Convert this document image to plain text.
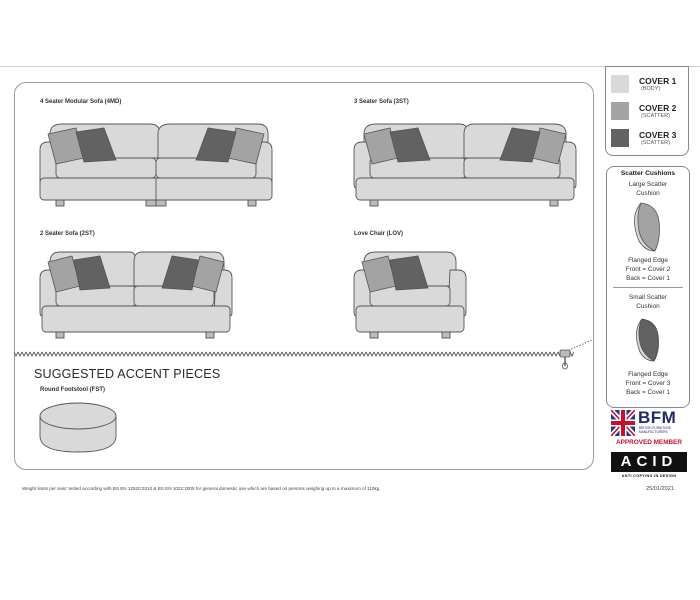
4 Seater Modular Sofa (4MD)	3 Seater Sofa (3ST)
2 Seater Sofa (2ST)	Love Chair (LOV)
SUGGESTED ACCENT PIECES
Round Footstool (FST)
Weight limits per seat: tested according with BS EN 12520:2010 & BS EN 1022:2005 for general domestic use which are based on persons weighing up to a maximum of 110kg.	25/01/2021
COVER 1
(BODY)
COVER 2
(SCATTER)
COVER 3
(SCATTER)
Scatter Cushions
Large Scatter
Cushion
Flanged Edge
Front = Cover 2
Back = Cover 1
Small Scatter
Cushion
Flanged Edge
Front = Cover 3
Back = Cover 1
BFM
BRITISH FURNITURE MANUFACTURERS
APPROVED MEMBER
ACID
ANTI COPYING IN DESIGN
